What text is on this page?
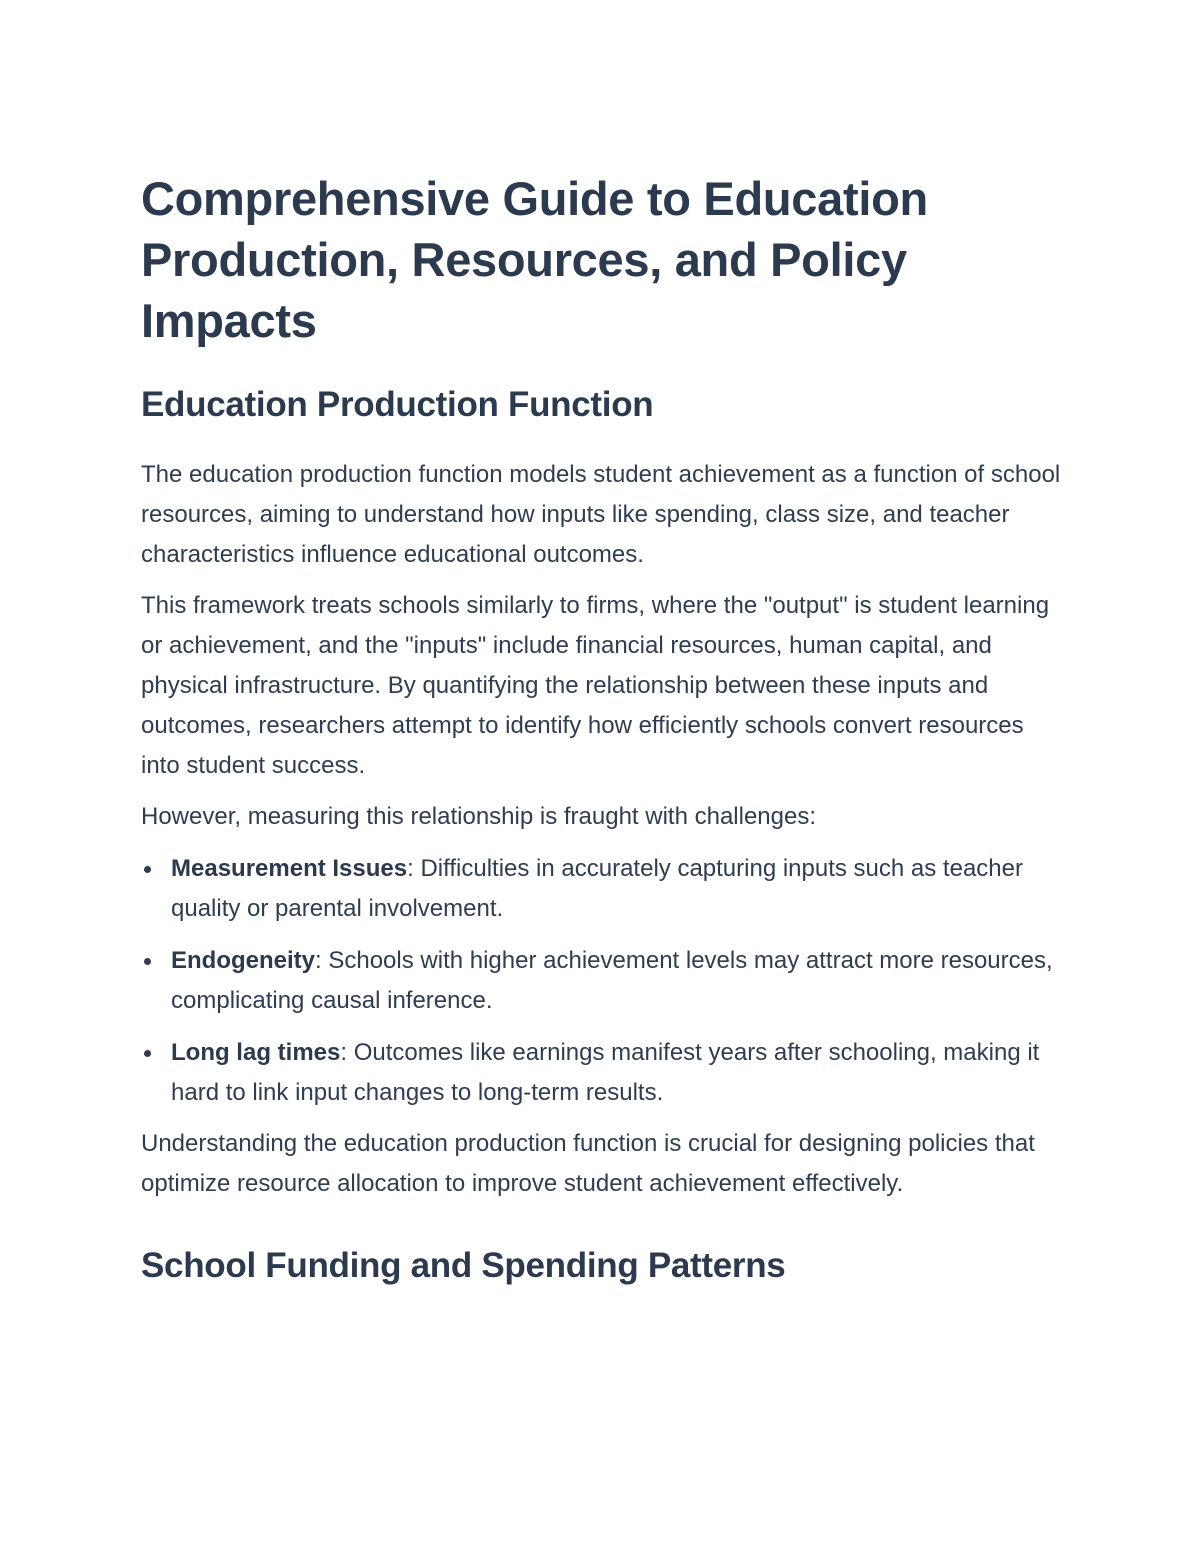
Comprehensive Guide to Education Production, Resources, and Policy Impacts
Education Production Function

The education production function models student achievement as a function of school resources, aiming to understand how inputs like spending, class size, and teacher characteristics influence educational outcomes.

This framework treats schools similarly to firms, where the "output" is student learning or achievement, and the "inputs" include financial resources, human capital, and physical infrastructure. By quantifying the relationship between these inputs and outcomes, researchers attempt to identify how efficiently schools convert resources into student success.

However, measuring this relationship is fraught with challenges:

Measurement Issues: Difficulties in accurately capturing inputs such as teacher quality or parental involvement.
Endogeneity: Schools with higher achievement levels may attract more resources, complicating causal inference.
Long lag times: Outcomes like earnings manifest years after schooling, making it hard to link input changes to long-term results.

Understanding the education production function is crucial for designing policies that optimize resource allocation to improve student achievement effectively.

School Funding and Spending Patterns
